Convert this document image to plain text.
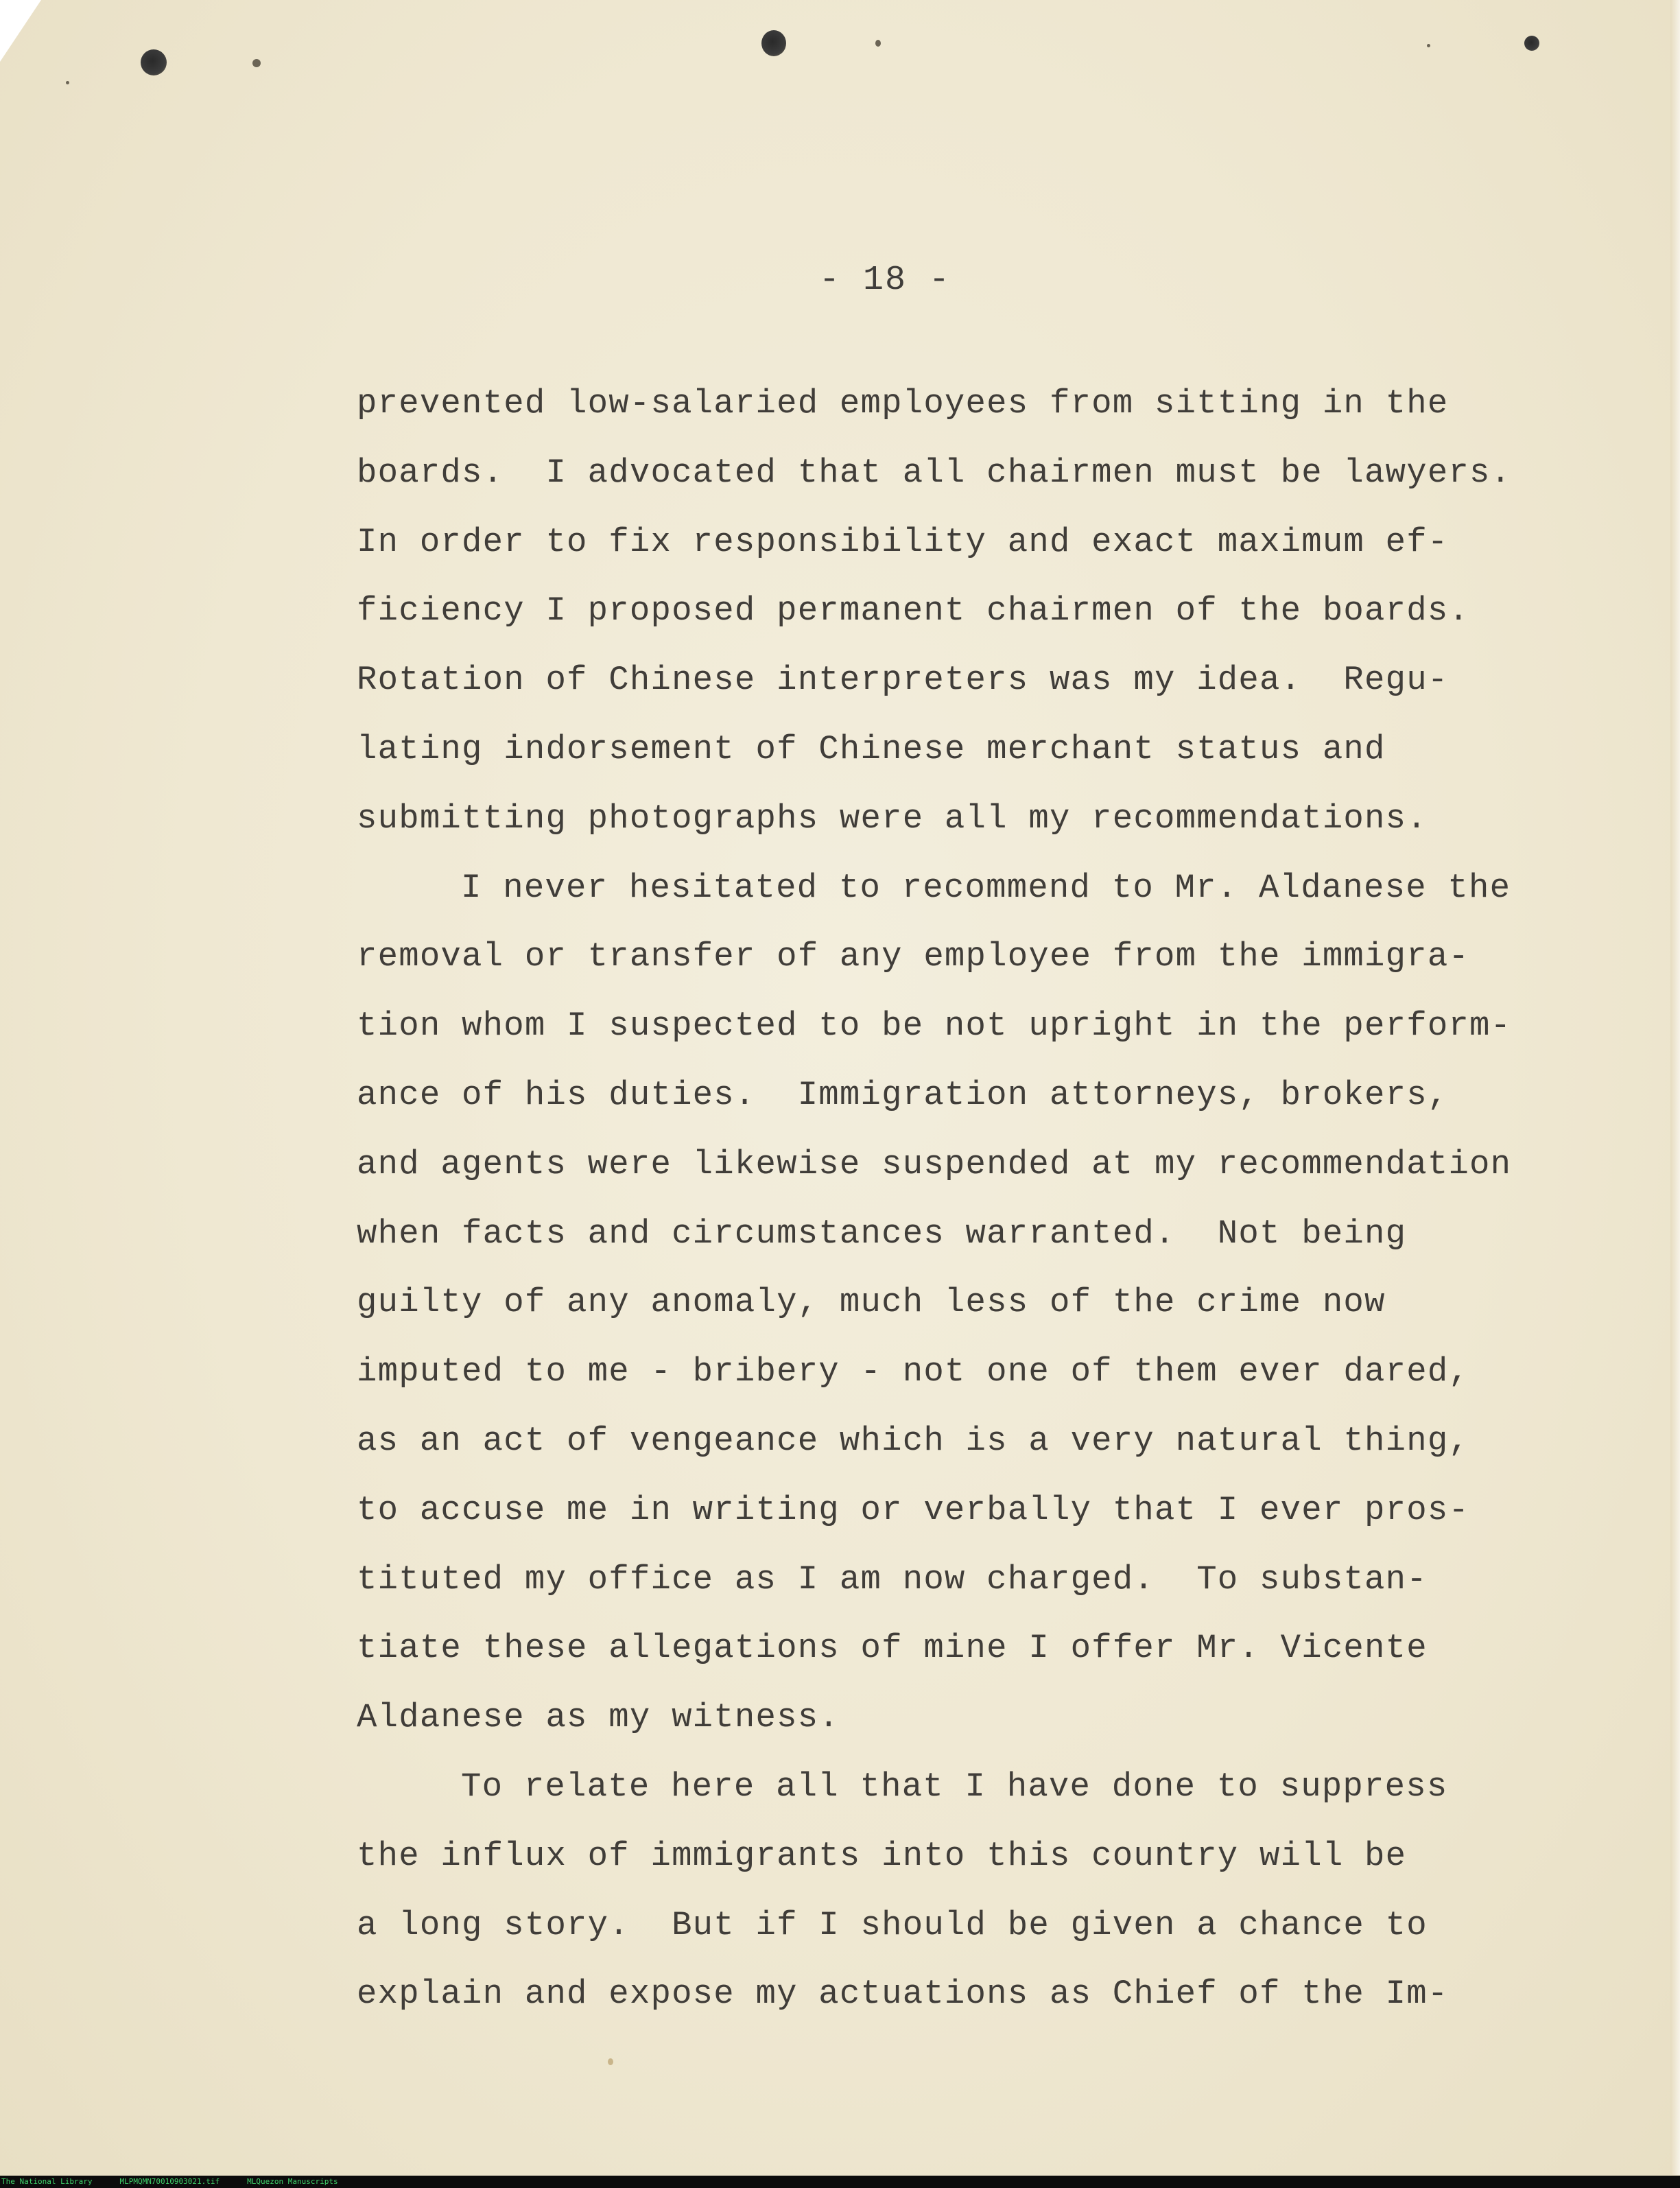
- 18 -
prevented low-salaried employees from sitting in the
boards.  I advocated that all chairmen must be lawyers.
In order to fix responsibility and exact maximum ef-
ficiency I proposed permanent chairmen of the boards.
Rotation of Chinese interpreters was my idea.  Regu-
lating indorsement of Chinese merchant status and
submitting photographs were all my recommendations.
I never hesitated to recommend to Mr. Aldanese the
removal or transfer of any employee from the immigra-
tion whom I suspected to be not upright in the perform-
ance of his duties.  Immigration attorneys, brokers,
and agents were likewise suspended at my recommendation
when facts and circumstances warranted.  Not being
guilty of any anomaly, much less of the crime now
imputed to me - bribery - not one of them ever dared,
as an act of vengeance which is a very natural thing,
to accuse me in writing or verbally that I ever pros-
tituted my office as I am now charged.  To substan-
tiate these allegations of mine I offer Mr. Vicente
Aldanese as my witness.
To relate here all that I have done to suppress
the influx of immigrants into this country will be
a long story.  But if I should be given a chance to
explain and expose my actuations as Chief of the Im-
The National Library	MLPMQMN70010903021.tif	MLQuezon Manuscripts
